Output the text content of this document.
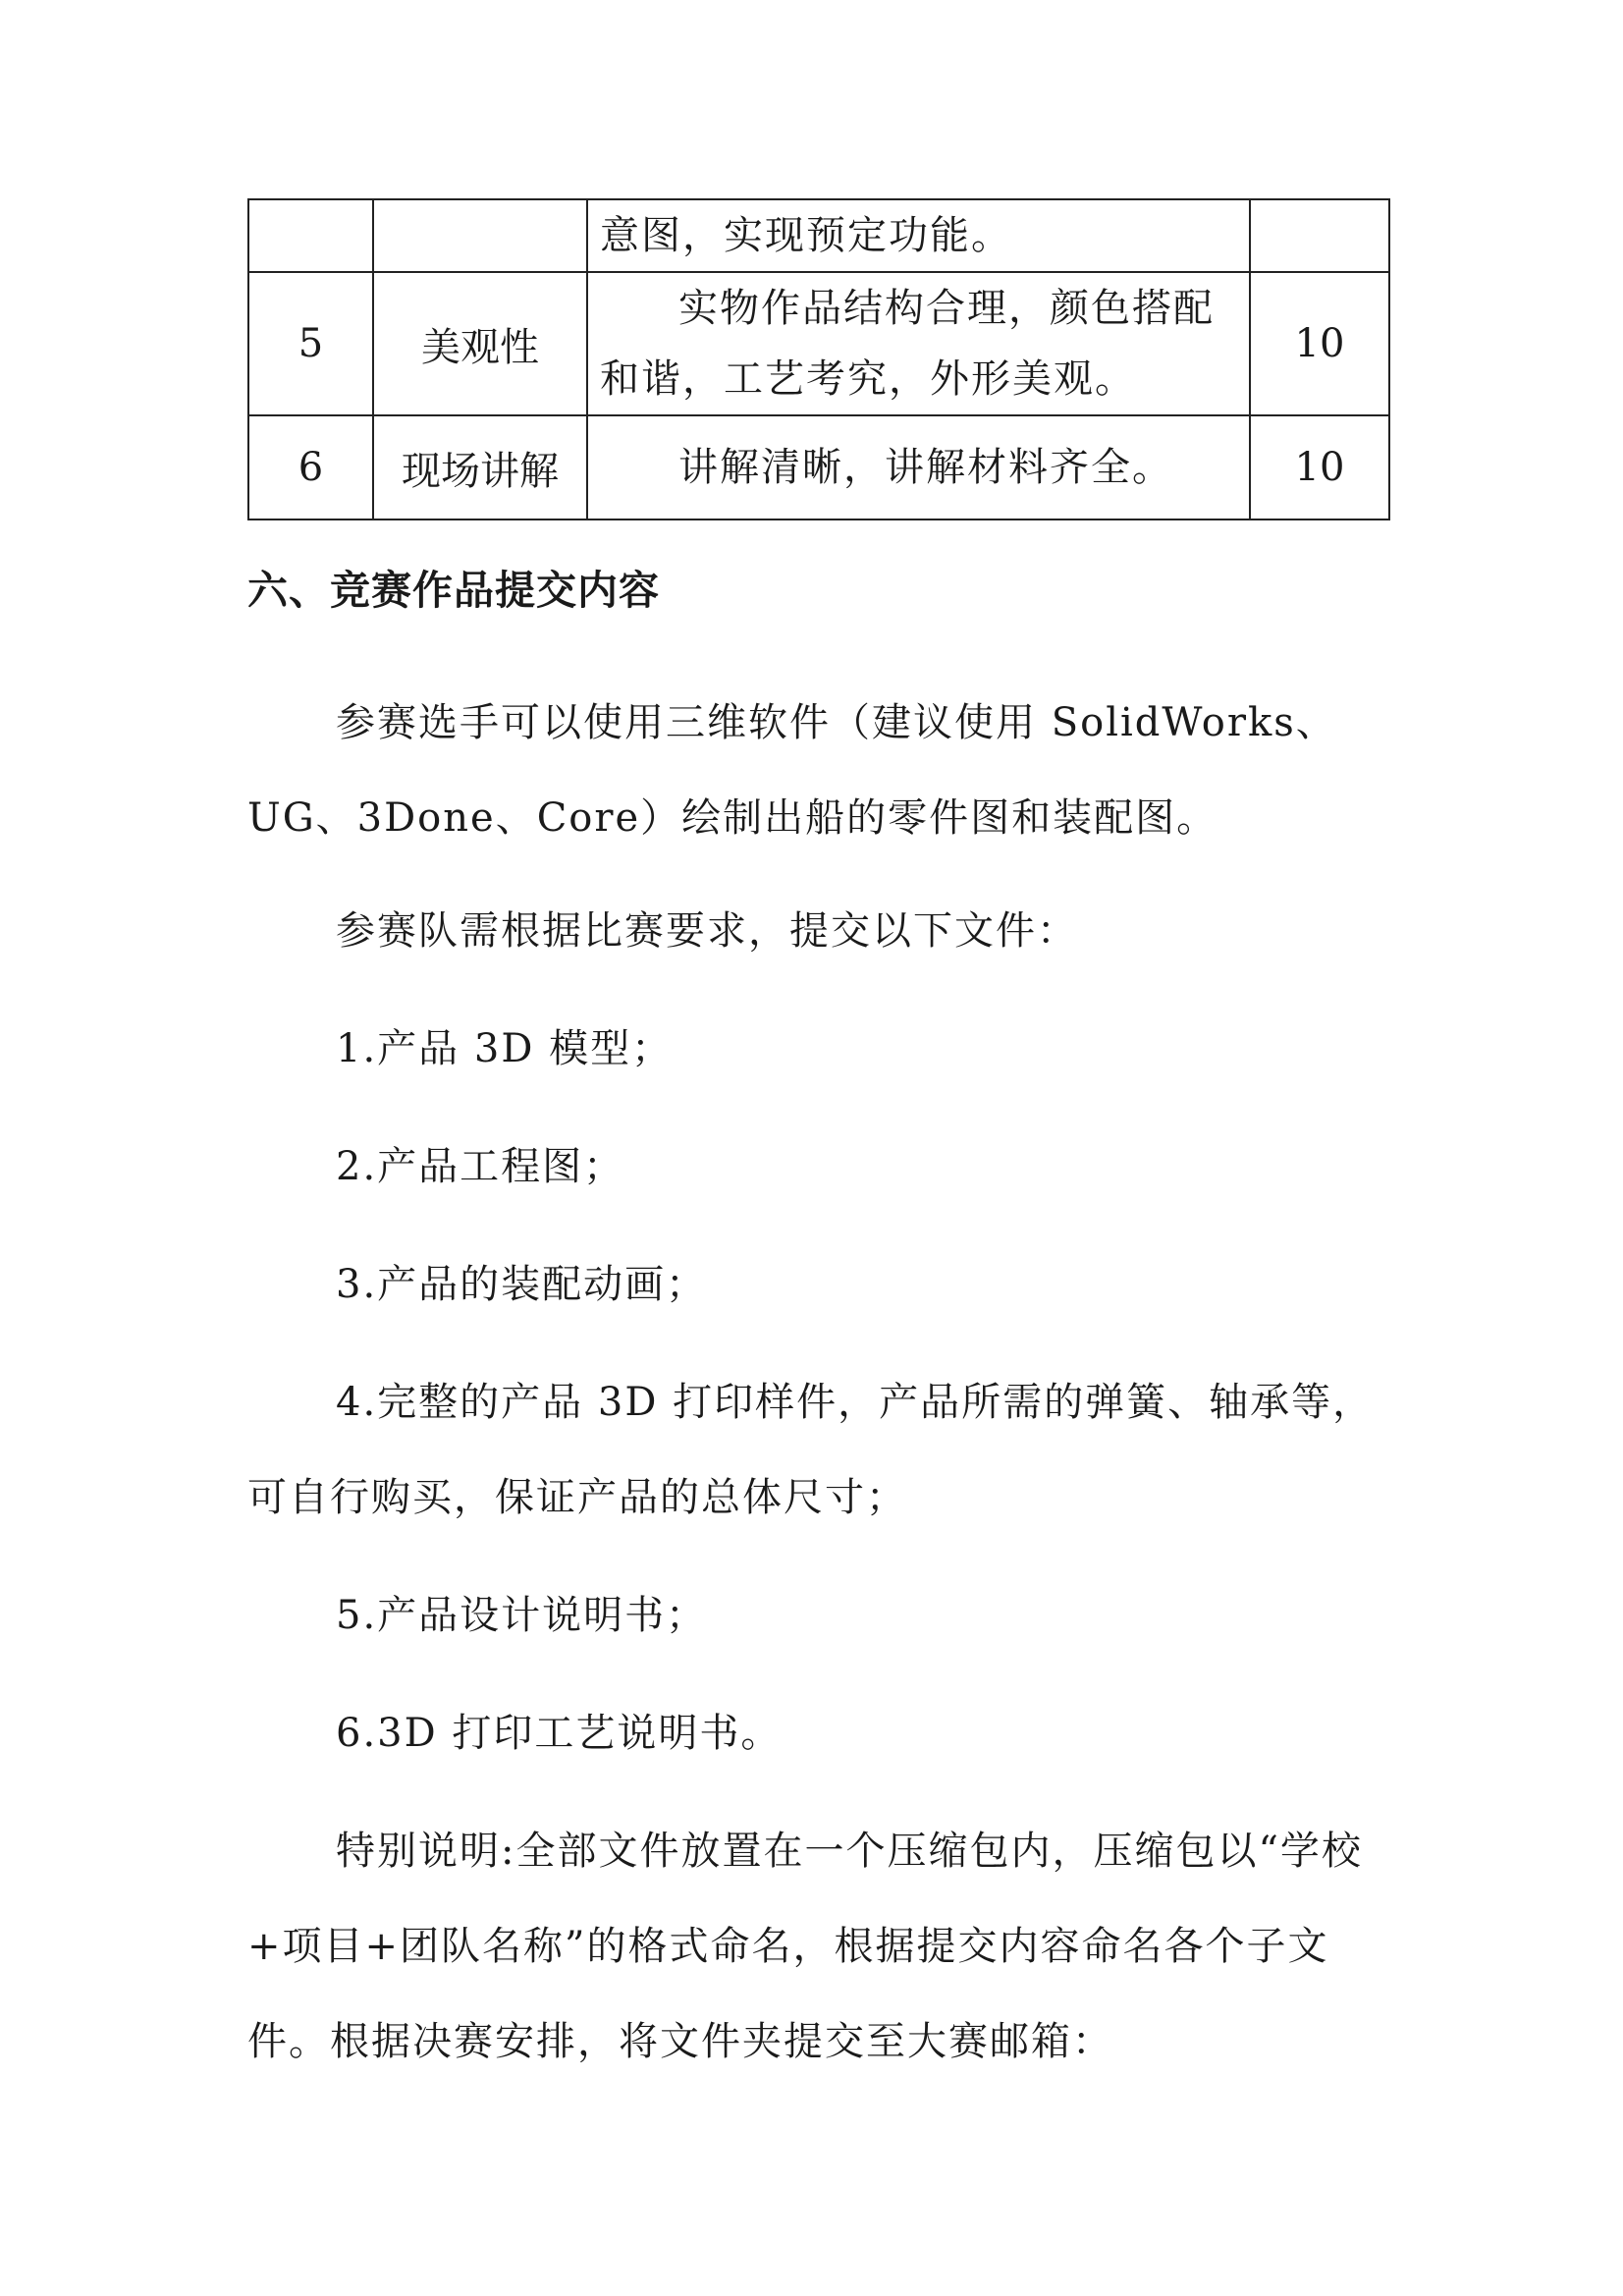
		意图，实现预定功能。	
5	美观性	实物作品结构合理，颜色搭配和谐，工艺考究，外形美观。	10
6	现场讲解	讲解清晰，讲解材料齐全。	10
六、竞赛作品提交内容
参赛选手可以使用三维软件（建议使用 SolidWorks、UG、3Done、Core）绘制出船的零件图和装配图。
参赛队需根据比赛要求，提交以下文件：
1.产品 3D 模型；
2.产品工程图；
3.产品的装配动画；
4.完整的产品 3D 打印样件，产品所需的弹簧、轴承等，可自行购买，保证产品的总体尺寸；
5.产品设计说明书；
6.3D 打印工艺说明书。
特别说明:全部文件放置在一个压缩包内，压缩包以“学校+项目+团队名称”的格式命名，根据提交内容命名各个子文件。根据决赛安排，将文件夹提交至大赛邮箱：
